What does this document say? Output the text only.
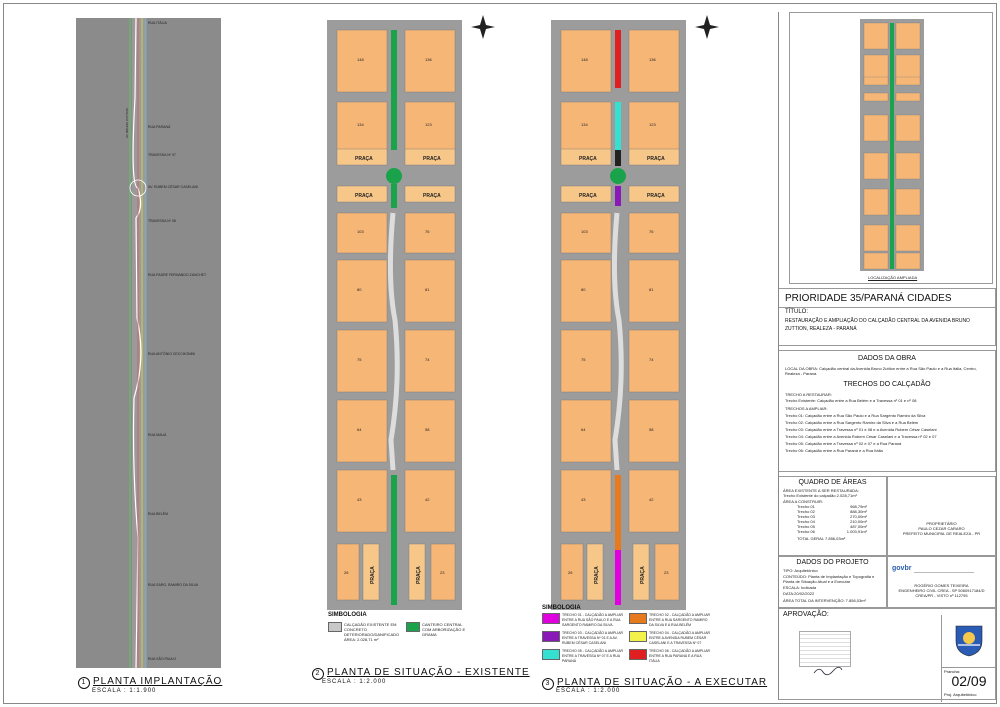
RUA ITÁLIA
RUA PARANÁ
TRAVESSA Nº 07
AV. RUBEM CÉSAR CASELANI
TRAVESSA Nº 08
RUA PADRE FERNANDO ZANCHET
RUA ANTÔNIO CECCHONINI
RUA MAUÁ
RUA BELÉM
RUA SARG. RAMIRO DA SILVA
RUA SÃO PAULO
AV. BRUNO ZUTTION
1 PLANTA IMPLANTAÇÃO
ESCALA : 1:1.900
148	136
134	123
PRAÇA	PRAÇA
PRAÇA	PRAÇA
103	76
80	81
75	74
64	58
43	42
26	23
PRAÇA	PRAÇA
SIMBOLOGIA
CALÇADÃO EXISTENTE EM CONCRETO DETERIORADO/DANIFICADO ÁREA: 2.028,71 m²
CANTEIRO CENTRAL COM ARBORIZAÇÃO E GRAMA
2 PLANTA DE SITUAÇÃO - EXISTENTE
ESCALA : 1:2.000
148	136
134	123
PRAÇA	PRAÇA
PRAÇA	PRAÇA
103	76
80	81
75	74
64	58
43	42
26	23
PRAÇA	PRAÇA
SIMBOLOGIA
TRECHO 01 - CALÇADÃO A AMPLIAR ENTRE A RUA SÃO PAULO E A RUA SARGENTO RAMIRO DA SILVA
TRECHO 02 - CALÇADÃO A AMPLIAR ENTRE A RUA SARGENTO RAMIRO DA SILVA E A RUA BELÉM
TRECHO 03 - CALÇADÃO A AMPLIAR ENTRE A TRAVESSA Nº 01 E A AV. RUBEM CÉSAR CASELANI
TRECHO 04 - CALÇADÃO A AMPLIAR ENTRE A AVENIDA RUBEM CÉSAR CASELANI E A TRAVESSA Nº 07
TRECHO 05 - CALÇADÃO A AMPLIAR ENTRE A TRAVESSA Nº 07 E A RUA PARANÁ
TRECHO 06 - CALÇADÃO A AMPLIAR ENTRE A RUA PARANÁ E A RUA ITÁLIA
3 PLANTA DE SITUAÇÃO - A EXECUTAR
ESCALA : 1:2.000
LOCALIZAÇÃO AMPLIADA
PRIORIDADE 35/PARANÁ CIDADES
TÍTULO:
RESTAURAÇÃO E AMPLIAÇÃO DO CALÇADÃO CENTRAL DA AVENIDA BRUNO ZUTTION, REALEZA - PARANÁ
DADOS DA OBRA
LOCAL DA OBRA: Calçadão central da Avenida Bruno Zuttion entre a Rua São Paulo e a Rua Itália, Centro, Realeza - Paraná.
TRECHOS DO CALÇADÃO
TRECHO A RESTAURAR:
Trecho Existente: Calçadão entre a Rua Belém e a Travessa nº 01 e nº 08
TRECHOS A AMPLIAR:
Trecho 01: Calçadão entre a Rua São Paulo e a Rua Sargento Ramiro da Silva
Trecho 02: Calçadão entre a Rua Sargento Ramiro da Silva e a Rua Belém
Trecho 03: Calçadão entre a Travessa nº 01 e 08 e a Avenida Rubem César Caselani
Trecho 04: Calçadão entre a Avenida Rubem César Caselani e a Travessa nº 02 e 07
Trecho 05: Calçadão entre a Travessa nº 02 e 07 e a Rua Paraná
Trecho 06: Calçadão entre a Rua Paraná e a Rua Itália
QUADRO DE ÁREAS
ÁREA EXISTENTE A SER RESTAURADA:
Trecho Existente do calçadão 2.028,71m²
ÁREA A CONSTRUIR:
Trecho 01	968,79m²
Trecho 02	888,30m²
Trecho 03	270,00m²
Trecho 04	210,00m²
Trecho 05	487,00m²
Trecho 06	1.003,91m²
TOTAL GERAL 7.856,03m²
PROPRIETÁRIO
PAULO CEZAR CARARO
PREFEITO MUNICIPAL DE REALEZA - PR
DADOS DO PROJETO
TIPO: Arquitetônico
CONTEÚDO: Planta de Implantação e Topografia e Planta de Situação Atual e a Executar
ESCALA: Indicada
DATA:20/02/2022
ÁREA TOTAL DA INTERVENÇÃO: 7.856,03m²
govbr
ROGÉRIO GOMES TEIXEIRA
ENGENHEIRO CIVIL CREA - SP 5060917184/D
CREA/PR - VISTO nº 112795
APROVAÇÃO:
Prancha:
02/09
Proj. Arquitetônico
